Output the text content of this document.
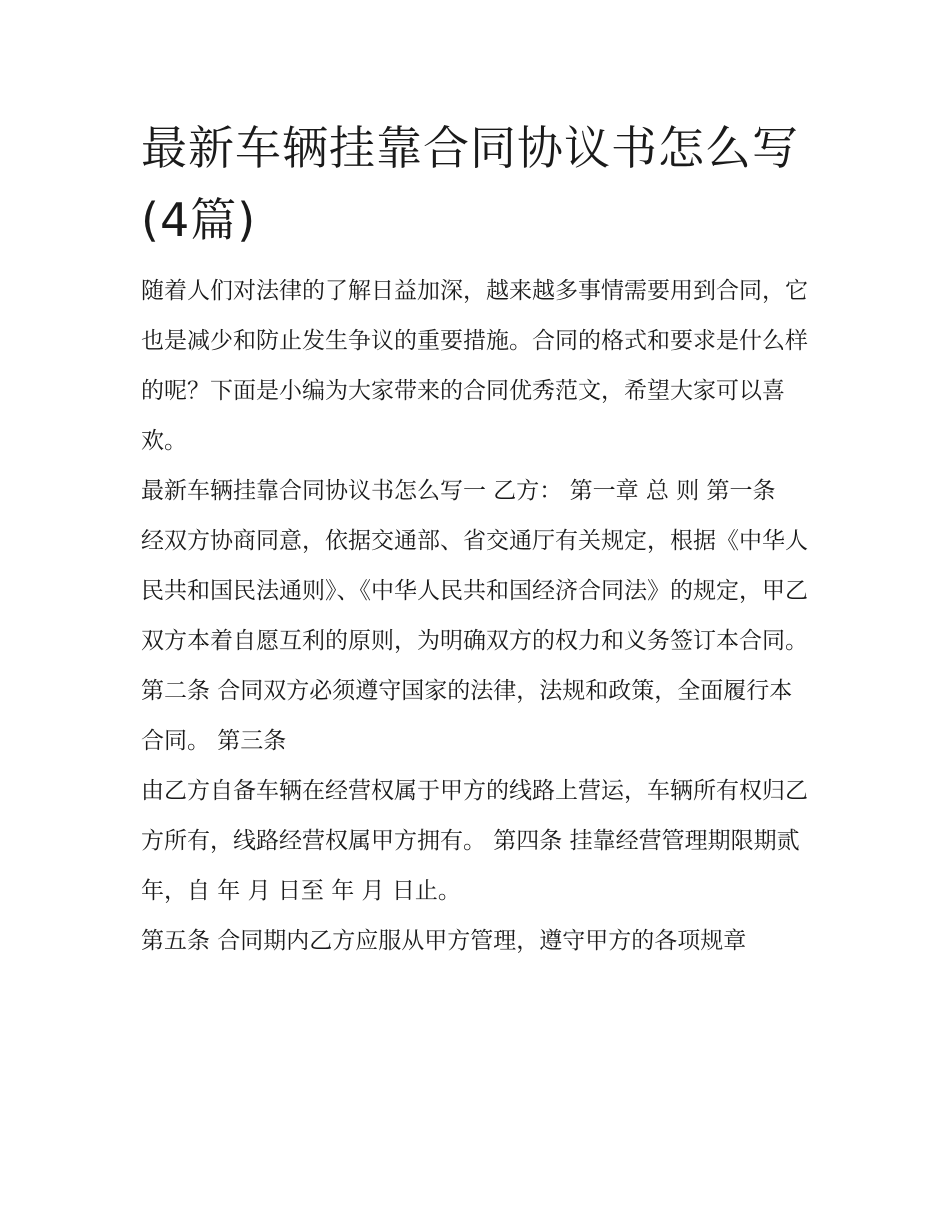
最新车辆挂靠合同协议书怎么写(4篇)

随着人们对法律的了解日益加深，越来越多事情需要用到合同，它也是减少和防止发生争议的重要措施。合同的格式和要求是什么样的呢？下面是小编为大家带来的合同优秀范文，希望大家可以喜欢。

最新车辆挂靠合同协议书怎么写一 乙方： 第一章 总 则 第一条

经双方协商同意，依据交通部、省交通厅有关规定，根据《中华人民共和国民法通则》、《中华人民共和国经济合同法》的规定，甲乙双方本着自愿互利的原则，为明确双方的权力和义务签订本合同。

第二条 合同双方必须遵守国家的法律，法规和政策，全面履行本合同。 第三条

由乙方自备车辆在经营权属于甲方的线路上营运，车辆所有权归乙方所有，线路经营权属甲方拥有。 第四条 挂靠经营管理期限期贰年，自 年 月 日至 年 月 日止。

第五条 合同期内乙方应服从甲方管理，遵守甲方的各项规章
